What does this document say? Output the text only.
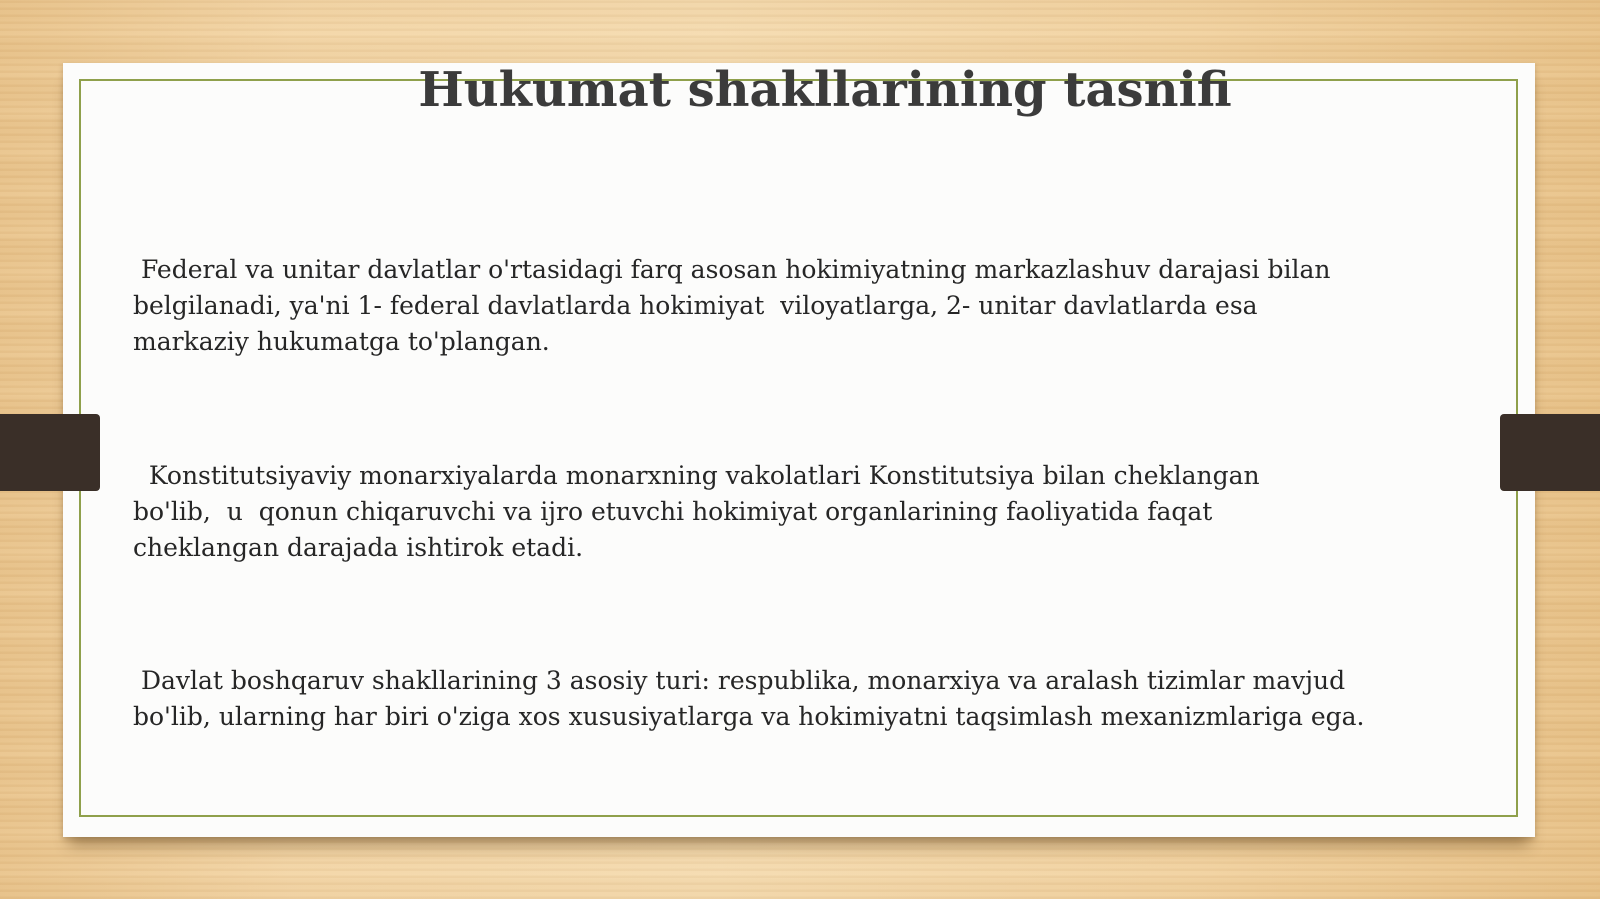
Hukumat shakllarining tasnifi
Federal va unitar davlatlar o'rtasidagi farq asosan hokimiyatning markazlashuv darajasi bilan
belgilanadi, ya'ni 1- federal davlatlarda hokimiyat  viloyatlarga, 2- unitar davlatlarda esa
markaziy hukumatga to'plangan.
Konstitutsiyaviy monarxiyalarda monarxning vakolatlari Konstitutsiya bilan cheklangan
bo'lib,  u  qonun chiqaruvchi va ijro etuvchi hokimiyat organlarining faoliyatida faqat
cheklangan darajada ishtirok etadi.
Davlat boshqaruv shakllarining 3 asosiy turi: respublika, monarxiya va aralash tizimlar mavjud
bo'lib, ularning har biri o'ziga xos xususiyatlarga va hokimiyatni taqsimlash mexanizmlariga ega.
